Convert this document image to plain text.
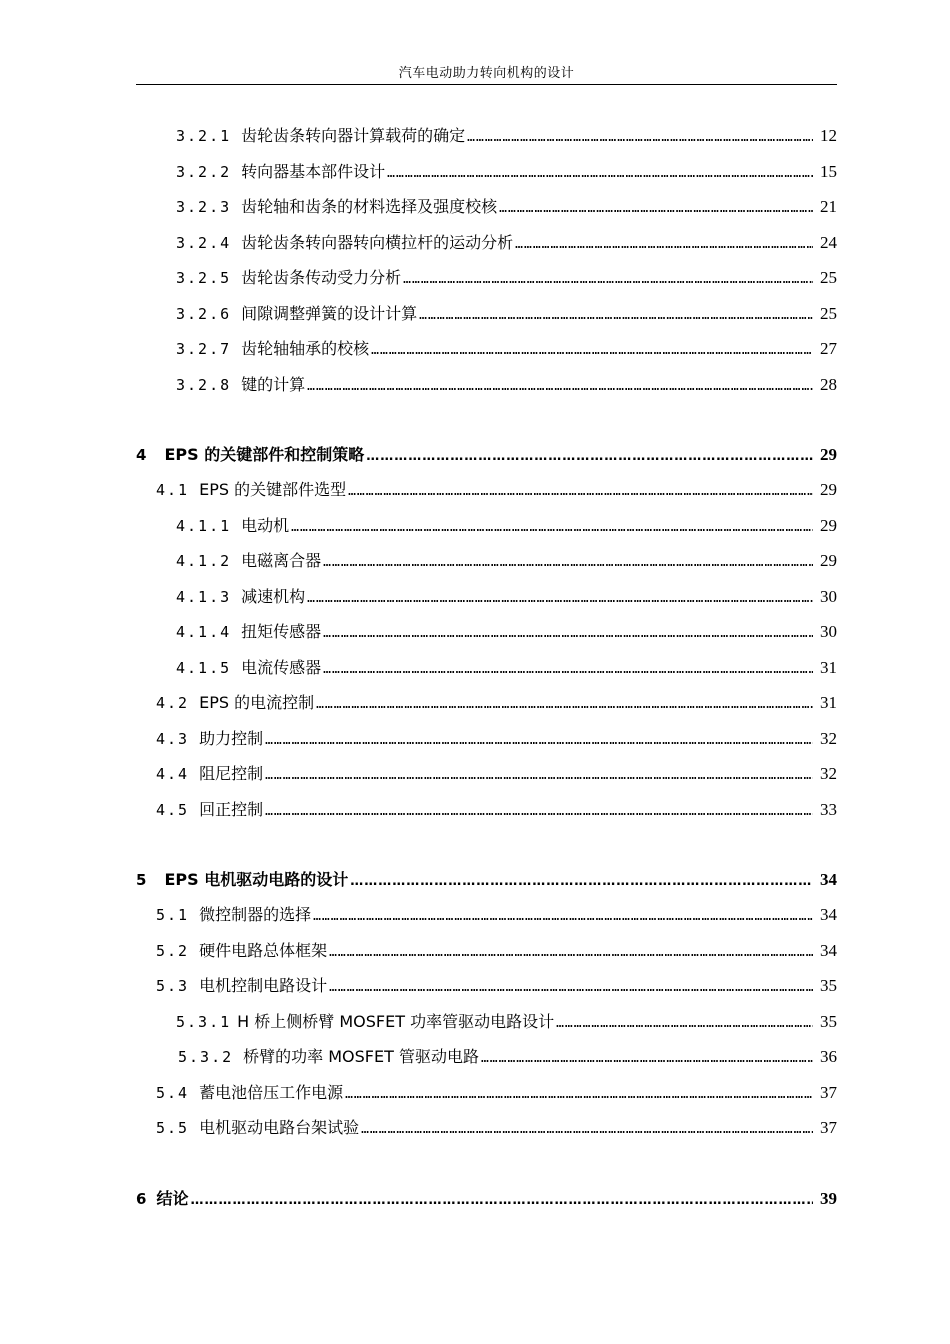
汽车电动助力转向机构的设计
3.2.1 齿轮齿条转向器计算载荷的确定 ……………………………………………………………………………………………………………………………………………………………………………………………………………………………………	12
3.2.2 转向器基本部件设计 ……………………………………………………………………………………………………………………………………………………………………………………………………………………………………	15
3.2.3 齿轮轴和齿条的材料选择及强度校核 ……………………………………………………………………………………………………………………………………………………………………………………………………………………………………	21
3.2.4 齿轮齿条转向器转向横拉杆的运动分析 ……………………………………………………………………………………………………………………………………………………………………………………………………………………………………	24
3.2.5 齿轮齿条传动受力分析 ……………………………………………………………………………………………………………………………………………………………………………………………………………………………………	25
3.2.6 间隙调整弹簧的设计计算 ……………………………………………………………………………………………………………………………………………………………………………………………………………………………………	25
3.2.7 齿轮轴轴承的校核 ……………………………………………………………………………………………………………………………………………………………………………………………………………………………………	27
3.2.8 键的计算 ……………………………………………………………………………………………………………………………………………………………………………………………………………………………………	28
4 EPS 的关键部件和控制策略 ……………………………………………………………………………………………………………………………………………………………………………………………………………………………………	29
4.1 EPS 的关键部件选型 ……………………………………………………………………………………………………………………………………………………………………………………………………………………………………	29
4.1.1 电动机 ……………………………………………………………………………………………………………………………………………………………………………………………………………………………………	29
4.1.2 电磁离合器 ……………………………………………………………………………………………………………………………………………………………………………………………………………………………………	29
4.1.3 减速机构 ……………………………………………………………………………………………………………………………………………………………………………………………………………………………………	30
4.1.4 扭矩传感器 ……………………………………………………………………………………………………………………………………………………………………………………………………………………………………	30
4.1.5 电流传感器 ……………………………………………………………………………………………………………………………………………………………………………………………………………………………………	31
4.2 EPS 的电流控制 ……………………………………………………………………………………………………………………………………………………………………………………………………………………………………	31
4.3 助力控制 ……………………………………………………………………………………………………………………………………………………………………………………………………………………………………	32
4.4 阻尼控制 ……………………………………………………………………………………………………………………………………………………………………………………………………………………………………	32
4.5 回正控制 ……………………………………………………………………………………………………………………………………………………………………………………………………………………………………	33
5 EPS 电机驱动电路的设计 ……………………………………………………………………………………………………………………………………………………………………………………………………………………………………	34
5.1 微控制器的选择 ……………………………………………………………………………………………………………………………………………………………………………………………………………………………………	34
5.2 硬件电路总体框架 ……………………………………………………………………………………………………………………………………………………………………………………………………………………………………	34
5.3 电机控制电路设计 ……………………………………………………………………………………………………………………………………………………………………………………………………………………………………	35
5.3.1 H 桥上侧桥臂 MOSFET 功率管驱动电路设计 ……………………………………………………………………………………………………………………………………………………………………………………………………………………………………	35
5.3.2 桥臂的功率 MOSFET 管驱动电路 ……………………………………………………………………………………………………………………………………………………………………………………………………………………………………	36
5.4 蓄电池倍压工作电源 ……………………………………………………………………………………………………………………………………………………………………………………………………………………………………	37
5.5 电机驱动电路台架试验 ……………………………………………………………………………………………………………………………………………………………………………………………………………………………………	37
6 结论 ……………………………………………………………………………………………………………………………………………………………………………………………………………………………………	39
